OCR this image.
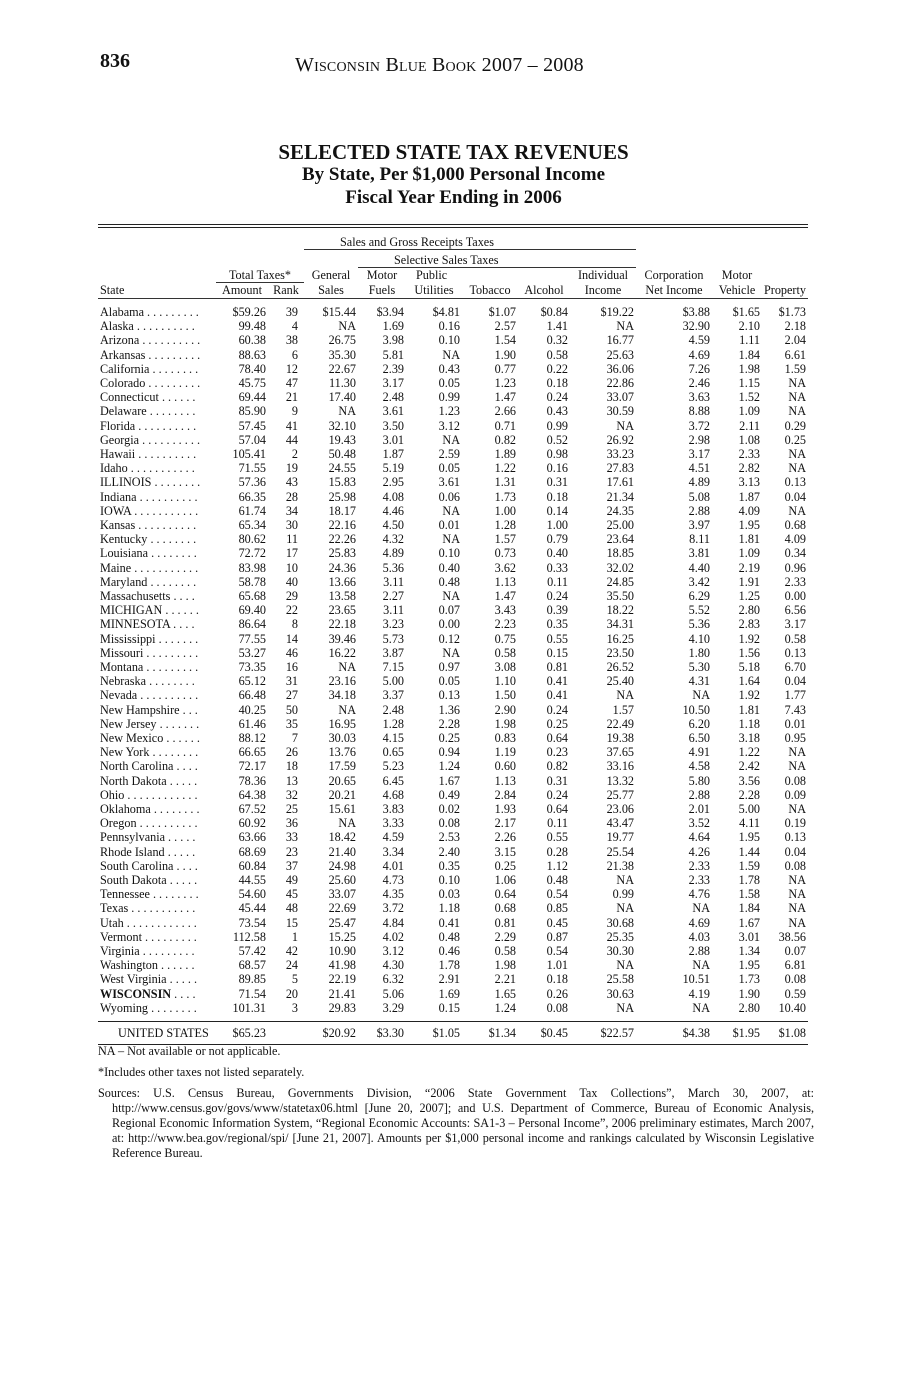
836	Wisconsin Blue Book 2007 – 2008
SELECTED STATE TAX REVENUES
By State, Per $1,000 Personal Income
Fiscal Year Ending in 2006

			Sales and Gross Receipts Taxes								
				Selective Sales Taxes							
	Total Taxes*		General	Motor	Public			Individual	Corporation	Motor	
State	Amount	Rank	Sales	Fuels	Utilities	Tobacco	Alcohol	Income	Net Income	Vehicle	Property

Alabama . . . . . . . . .	$59.26	39	$15.44	$3.94	$4.81	$1.07	$0.84	$19.22	$3.88	$1.65	$1.73
Alaska . . . . . . . . . .	99.48	4	NA	1.69	0.16	2.57	1.41	NA	32.90	2.10	2.18
Arizona . . . . . . . . . .	60.38	38	26.75	3.98	0.10	1.54	0.32	16.77	4.59	1.11	2.04
Arkansas . . . . . . . . .	88.63	6	35.30	5.81	NA	1.90	0.58	25.63	4.69	1.84	6.61
California . . . . . . . .	78.40	12	22.67	2.39	0.43	0.77	0.22	36.06	7.26	1.98	1.59
Colorado . . . . . . . . .	45.75	47	11.30	3.17	0.05	1.23	0.18	22.86	2.46	1.15	NA
Connecticut . . . . . .	69.44	21	17.40	2.48	0.99	1.47	0.24	33.07	3.63	1.52	NA
Delaware . . . . . . . .	85.90	9	NA	3.61	1.23	2.66	0.43	30.59	8.88	1.09	NA
Florida . . . . . . . . . .	57.45	41	32.10	3.50	3.12	0.71	0.99	NA	3.72	2.11	0.29
Georgia . . . . . . . . . .	57.04	44	19.43	3.01	NA	0.82	0.52	26.92	2.98	1.08	0.25
Hawaii . . . . . . . . . .	105.41	2	50.48	1.87	2.59	1.89	0.98	33.23	3.17	2.33	NA
Idaho . . . . . . . . . . .	71.55	19	24.55	5.19	0.05	1.22	0.16	27.83	4.51	2.82	NA
ILLINOIS . . . . . . . .	57.36	43	15.83	2.95	3.61	1.31	0.31	17.61	4.89	3.13	0.13
Indiana . . . . . . . . . .	66.35	28	25.98	4.08	0.06	1.73	0.18	21.34	5.08	1.87	0.04
IOWA . . . . . . . . . . .	61.74	34	18.17	4.46	NA	1.00	0.14	24.35	2.88	4.09	NA
Kansas . . . . . . . . . .	65.34	30	22.16	4.50	0.01	1.28	1.00	25.00	3.97	1.95	0.68
Kentucky . . . . . . . .	80.62	11	22.26	4.32	NA	1.57	0.79	23.64	8.11	1.81	4.09
Louisiana . . . . . . . .	72.72	17	25.83	4.89	0.10	0.73	0.40	18.85	3.81	1.09	0.34
Maine . . . . . . . . . . .	83.98	10	24.36	5.36	0.40	3.62	0.33	32.02	4.40	2.19	0.96
Maryland . . . . . . . .	58.78	40	13.66	3.11	0.48	1.13	0.11	24.85	3.42	1.91	2.33
Massachusetts . . . .	65.68	29	13.58	2.27	NA	1.47	0.24	35.50	6.29	1.25	0.00
MICHIGAN . . . . . .	69.40	22	23.65	3.11	0.07	3.43	0.39	18.22	5.52	2.80	6.56
MINNESOTA . . . .	86.64	8	22.18	3.23	0.00	2.23	0.35	34.31	5.36	2.83	3.17
Mississippi . . . . . . .	77.55	14	39.46	5.73	0.12	0.75	0.55	16.25	4.10	1.92	0.58
Missouri . . . . . . . . .	53.27	46	16.22	3.87	NA	0.58	0.15	23.50	1.80	1.56	0.13
Montana . . . . . . . . .	73.35	16	NA	7.15	0.97	3.08	0.81	26.52	5.30	5.18	6.70
Nebraska . . . . . . . .	65.12	31	23.16	5.00	0.05	1.10	0.41	25.40	4.31	1.64	0.04
Nevada . . . . . . . . . .	66.48	27	34.18	3.37	0.13	1.50	0.41	NA	NA	1.92	1.77
New Hampshire . . .	40.25	50	NA	2.48	1.36	2.90	0.24	1.57	10.50	1.81	7.43
New Jersey . . . . . . .	61.46	35	16.95	1.28	2.28	1.98	0.25	22.49	6.20	1.18	0.01
New Mexico . . . . . .	88.12	7	30.03	4.15	0.25	0.83	0.64	19.38	6.50	3.18	0.95
New York . . . . . . . .	66.65	26	13.76	0.65	0.94	1.19	0.23	37.65	4.91	1.22	NA
North Carolina . . . .	72.17	18	17.59	5.23	1.24	0.60	0.82	33.16	4.58	2.42	NA
North Dakota . . . . .	78.36	13	20.65	6.45	1.67	1.13	0.31	13.32	5.80	3.56	0.08
Ohio . . . . . . . . . . . .	64.38	32	20.21	4.68	0.49	2.84	0.24	25.77	2.88	2.28	0.09
Oklahoma . . . . . . . .	67.52	25	15.61	3.83	0.02	1.93	0.64	23.06	2.01	5.00	NA
Oregon . . . . . . . . . .	60.92	36	NA	3.33	0.08	2.17	0.11	43.47	3.52	4.11	0.19
Pennsylvania . . . . .	63.66	33	18.42	4.59	2.53	2.26	0.55	19.77	4.64	1.95	0.13
Rhode Island . . . . .	68.69	23	21.40	3.34	2.40	3.15	0.28	25.54	4.26	1.44	0.04
South Carolina . . . .	60.84	37	24.98	4.01	0.35	0.25	1.12	21.38	2.33	1.59	0.08
South Dakota . . . . .	44.55	49	25.60	4.73	0.10	1.06	0.48	NA	2.33	1.78	NA
Tennessee . . . . . . . .	54.60	45	33.07	4.35	0.03	0.64	0.54	0.99	4.76	1.58	NA
Texas . . . . . . . . . . .	45.44	48	22.69	3.72	1.18	0.68	0.85	NA	NA	1.84	NA
Utah . . . . . . . . . . . .	73.54	15	25.47	4.84	0.41	0.81	0.45	30.68	4.69	1.67	NA
Vermont . . . . . . . . .	112.58	1	15.25	4.02	0.48	2.29	0.87	25.35	4.03	3.01	38.56
Virginia . . . . . . . . .	57.42	42	10.90	3.12	0.46	0.58	0.54	30.30	2.88	1.34	0.07
Washington . . . . . .	68.57	24	41.98	4.30	1.78	1.98	1.01	NA	NA	1.95	6.81
West Virginia . . . . .	89.85	5	22.19	6.32	2.91	2.21	0.18	25.58	10.51	1.73	0.08
WISCONSIN . . . .	71.54	20	21.41	5.06	1.69	1.65	0.26	30.63	4.19	1.90	0.59
Wyoming . . . . . . . .	101.31	3	29.83	3.29	0.15	1.24	0.08	NA	NA	2.80	10.40

UNITED STATES	$65.23		$20.92	$3.30	$1.05	$1.34	$0.45	$22.57	$4.38	$1.95	$1.08

NA – Not available or not applicable.

*Includes other taxes not listed separately.

Sources: U.S. Census Bureau, Governments Division, “2006 State Government Tax Collections”, March 30, 2007, at: http://www.census.gov/govs/www/statetax06.html [June 20, 2007]; and U.S. Department of Commerce, Bureau of Economic Analysis, Regional Economic Information System, “Regional Economic Accounts: SA1-3 – Personal Income”, 2006 preliminary estimates, March 2007, at: http://www.bea.gov/regional/spi/ [June 21, 2007]. Amounts per $1,000 personal income and rankings calculated by Wisconsin Legislative Reference Bureau.
